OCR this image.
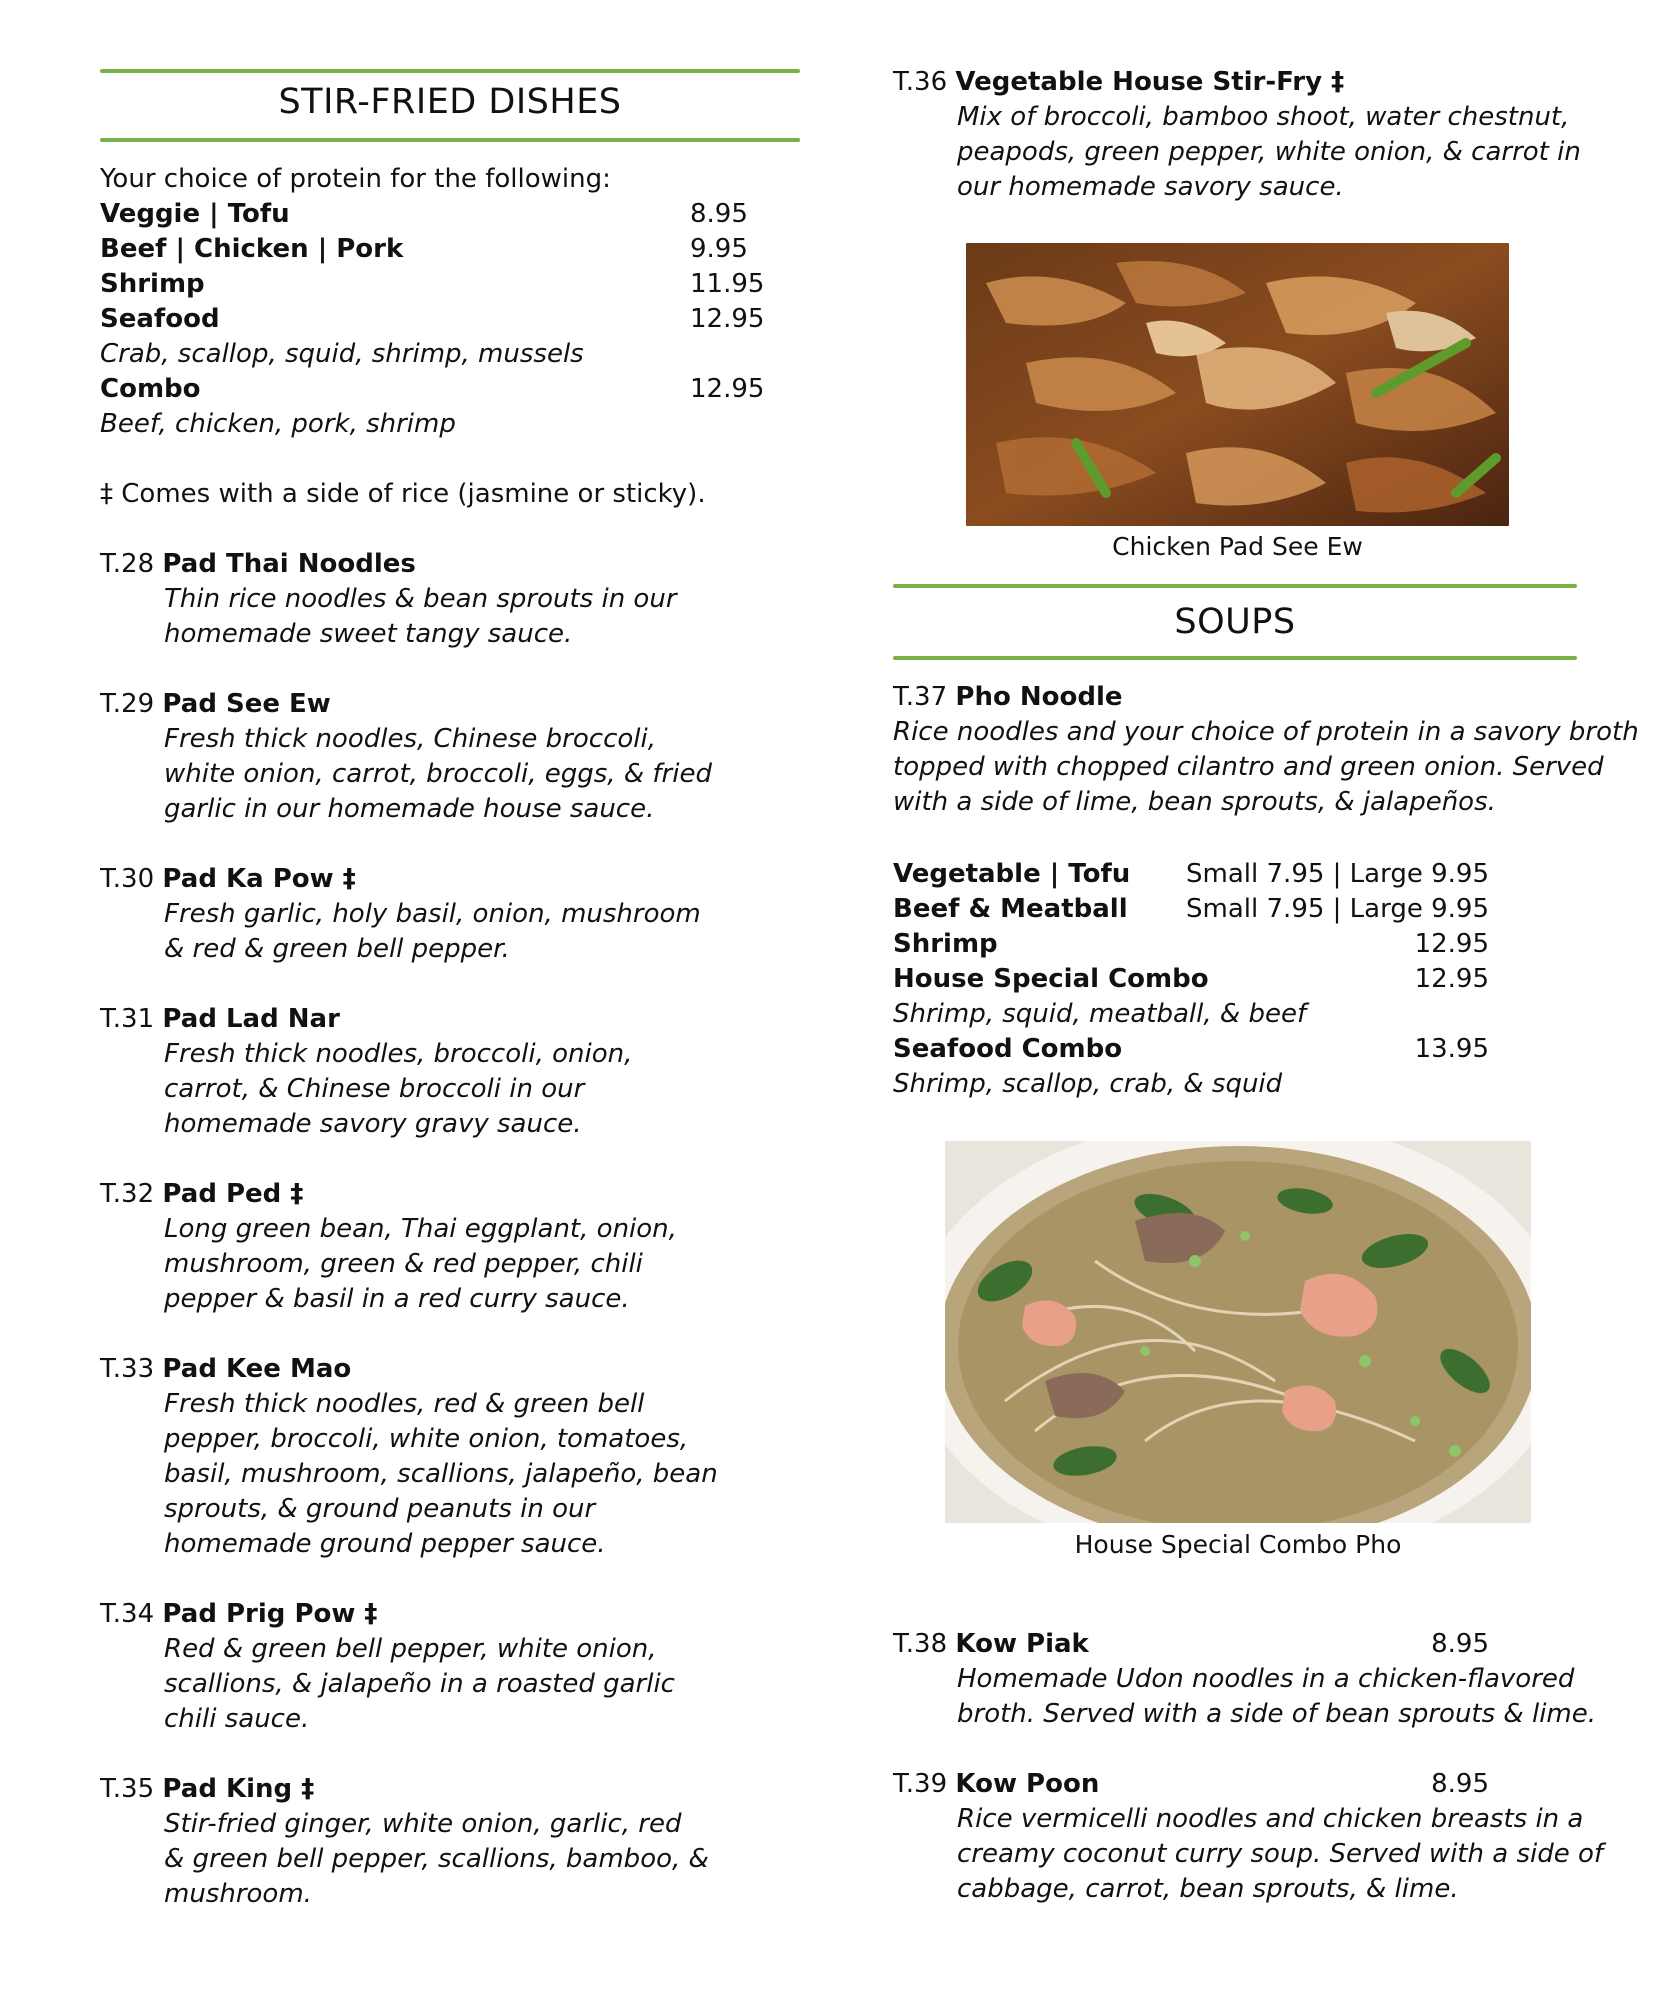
STIR-FRIED DISHES
Your choice of protein for the following:
Veggie | Tofu	8.95
Beef | Chicken | Pork	9.95
Shrimp	11.95
Seafood	12.95
Crab, scallop, squid, shrimp, mussels
Combo	12.95
Beef, chicken, pork, shrimp
‡ Comes with a side of rice (jasmine or sticky).
T.28 Pad Thai Noodles
Thin rice noodles & bean sprouts in our
homemade sweet tangy sauce.
T.29 Pad See Ew
Fresh thick noodles, Chinese broccoli,
white onion, carrot, broccoli, eggs, & fried
garlic in our homemade house sauce.
T.30 Pad Ka Pow ‡
Fresh garlic, holy basil, onion, mushroom
& red & green bell pepper.
T.31 Pad Lad Nar
Fresh thick noodles, broccoli, onion,
carrot, & Chinese broccoli in our
homemade savory gravy sauce.
T.32 Pad Ped ‡
Long green bean, Thai eggplant, onion,
mushroom, green & red pepper, chili
pepper & basil in a red curry sauce.
T.33 Pad Kee Mao
Fresh thick noodles, red & green bell
pepper, broccoli, white onion, tomatoes,
basil, mushroom, scallions, jalapeño, bean
sprouts, & ground peanuts in our
homemade ground pepper sauce.
T.34 Pad Prig Pow ‡
Red & green bell pepper, white onion,
scallions, & jalapeño in a roasted garlic
chili sauce.
T.35 Pad King ‡
Stir-fried ginger, white onion, garlic, red
& green bell pepper, scallions, bamboo, &
mushroom.
T.36 Vegetable House Stir-Fry ‡
Mix of broccoli, bamboo shoot, water chestnut,
peapods, green pepper, white onion, & carrot in
our homemade savory sauce.
Chicken Pad See Ew
SOUPS
T.37 Pho Noodle
Rice noodles and your choice of protein in a savory broth
topped with chopped cilantro and green onion. Served
with a side of lime, bean sprouts, & jalapeños.
Vegetable | Tofu Small 7.95 | Large 9.95
Beef & Meatball Small 7.95 | Large 9.95
Shrimp	12.95
House Special Combo	12.95
Shrimp, squid, meatball, & beef
Seafood Combo	13.95
Shrimp, scallop, crab, & squid
House Special Combo Pho
T.38 Kow Piak	8.95
Homemade Udon noodles in a chicken-flavored
broth. Served with a side of bean sprouts & lime.
T.39 Kow Poon	8.95
Rice vermicelli noodles and chicken breasts in a
creamy coconut curry soup. Served with a side of
cabbage, carrot, bean sprouts, & lime.
